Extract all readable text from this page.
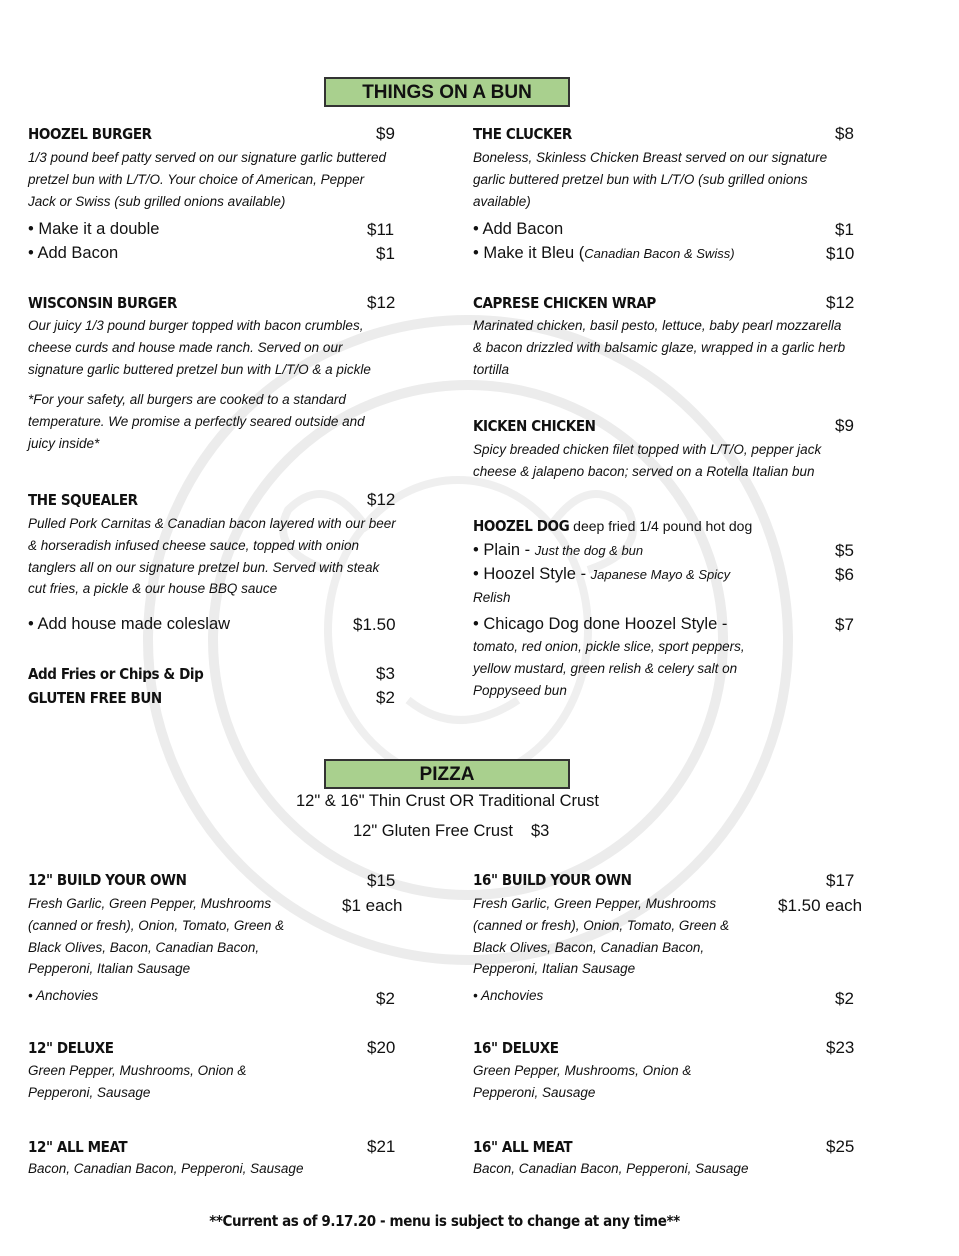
THINGS ON A BUN
HOOZEL BURGER	$9
1/3 pound beef patty served on our signature garlic buttered
pretzel bun with L/T/O. Your choice of American, Pepper
Jack or Swiss (sub grilled onions available)
• Make it a double	$11
• Add Bacon	$1
WISCONSIN BURGER	$12
Our juicy 1/3 pound burger topped with bacon crumbles,
cheese curds and house made ranch. Served on our
signature garlic buttered pretzel bun with L/T/O & a pickle
*For your safety, all burgers are cooked to a standard
temperature. We promise a perfectly seared outside and
juicy inside*
THE SQUEALER	$12
Pulled Pork Carnitas & Canadian bacon layered with our beer
& horseradish infused cheese sauce, topped with onion
tanglers all on our signature pretzel bun. Served with steak
cut fries, a pickle & our house BBQ sauce
• Add house made coleslaw	$1.50
Add Fries or Chips & Dip	$3
GLUTEN FREE BUN	$2
THE CLUCKER	$8
Boneless, Skinless Chicken Breast served on our signature
garlic buttered pretzel bun with L/T/O (sub grilled onions
available)
• Add Bacon	$1
• Make it Bleu (Canadian Bacon & Swiss)	$10
CAPRESE CHICKEN WRAP	$12
Marinated chicken, basil pesto, lettuce, baby pearl mozzarella
& bacon drizzled with balsamic glaze, wrapped in a garlic herb
tortilla
KICKEN CHICKEN	$9
Spicy breaded chicken filet topped with L/T/O, pepper jack
cheese & jalapeno bacon; served on a Rotella Italian bun
HOOZEL DOG deep fried 1/4 pound hot dog
• Plain - Just the dog & bun	$5
• Hoozel Style - Japanese Mayo & Spicy
Relish
$6
• Chicago Dog done Hoozel Style -	$7
tomato, red onion, pickle slice, sport peppers,
yellow mustard, green relish & celery salt on
Poppyseed bun
PIZZA
12" & 16" Thin Crust OR Traditional Crust
12" Gluten Free Crust $3
12" BUILD YOUR OWN	$15
$1 each
Fresh Garlic, Green Pepper, Mushrooms
(canned or fresh), Onion, Tomato, Green &
Black Olives, Bacon, Canadian Bacon,
Pepperoni, Italian Sausage
• Anchovies	$2
16" BUILD YOUR OWN	$17
$1.50 each
Fresh Garlic, Green Pepper, Mushrooms
(canned or fresh), Onion, Tomato, Green &
Black Olives, Bacon, Canadian Bacon,
Pepperoni, Italian Sausage
• Anchovies	$2
12" DELUXE	$20
Green Pepper, Mushrooms, Onion &
Pepperoni, Sausage
16" DELUXE	$23
Green Pepper, Mushrooms, Onion &
Pepperoni, Sausage
12" ALL MEAT	$21
Bacon, Canadian Bacon, Pepperoni, Sausage
16" ALL MEAT	$25
Bacon, Canadian Bacon, Pepperoni, Sausage
**Current as of 9.17.20 - menu is subject to change at any time**
